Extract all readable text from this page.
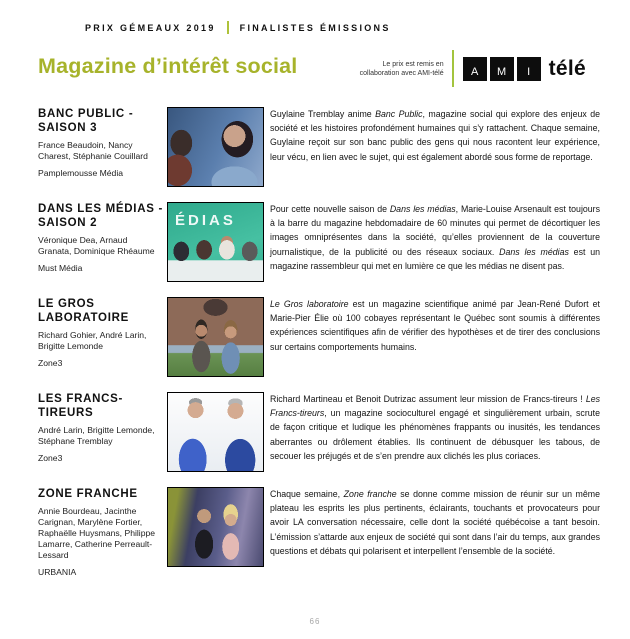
PRIX GÉMEAUX 2019	FINALISTES ÉMISSIONS
Magazine d’intérêt social	Le prix est remis en collaboration avec AMI-télé	A	M	I télé
BANC PUBLIC - SAISON 3

France Beaudoin, Nancy Charest, Stéphanie Couillard

Pamplemousse Média

Guylaine Tremblay anime Banc Public, magazine social qui explore des enjeux de société et les histoires profondément humaines qui s’y rattachent. Chaque semaine, Guylaine reçoit sur son banc public des gens qui nous racontent leur expérience, leur vécu, en lien avec le sujet, qui est également abordé sous forme de reportage.

DANS LES MÉDIAS - SAISON 2

Véronique Dea, Arnaud Granata, Dominique Rhéaume

Must Média

ÉDIAS

Pour cette nouvelle saison de Dans les médias, Marie-Louise Arsenault est toujours à la barre du magazine hebdomadaire de 60 minutes qui permet de décortiquer les images omniprésentes dans la société, qu’elles proviennent de la couverture journalistique, de la publicité ou des réseaux sociaux. Dans les médias est un magazine rassembleur qui met en lumière ce que les médias ne disent pas.

LE GROS LABORATOIRE

Richard Gohier, André Larin, Brigitte Lemonde

Zone3

Le Gros laboratoire est un magazine scientifique animé par Jean-René Dufort et Marie-Pier Élie où 100 cobayes représentant le Québec sont soumis à différentes expériences scientifiques afin de vérifier des hypothèses et de tirer des conclusions sur certains comportements humains.

LES FRANCS-TIREURS

André Larin, Brigitte Lemonde, Stéphane Tremblay

Zone3

Richard Martineau et Benoit Dutrizac assument leur mission de Francs-tireurs ! Les Francs-tireurs, un magazine socioculturel engagé et singulièrement urbain, scrute de façon critique et ludique les phénomènes frappants ou inusités, les tendances aberrantes ou drôlement établies. Ils continuent de débusquer les tabous, de secouer les préjugés et de s’en prendre aux clichés les plus coriaces.

ZONE FRANCHE

Annie Bourdeau, Jacinthe Carignan, Marylène Fortier, Raphaëlle Huysmans, Philippe Lamarre, Catherine Perreault-Lessard

URBANIA

Chaque semaine, Zone franche se donne comme mission de réunir sur un même plateau les esprits les plus pertinents, éclairants, touchants et provocateurs pour avoir LA conversation nécessaire, celle dont la société québécoise a tant besoin. L’émission s’attarde aux enjeux de société qui sont dans l’air du temps, aux grandes questions et débats qui polarisent et interpellent l’ensemble de la société.

66
